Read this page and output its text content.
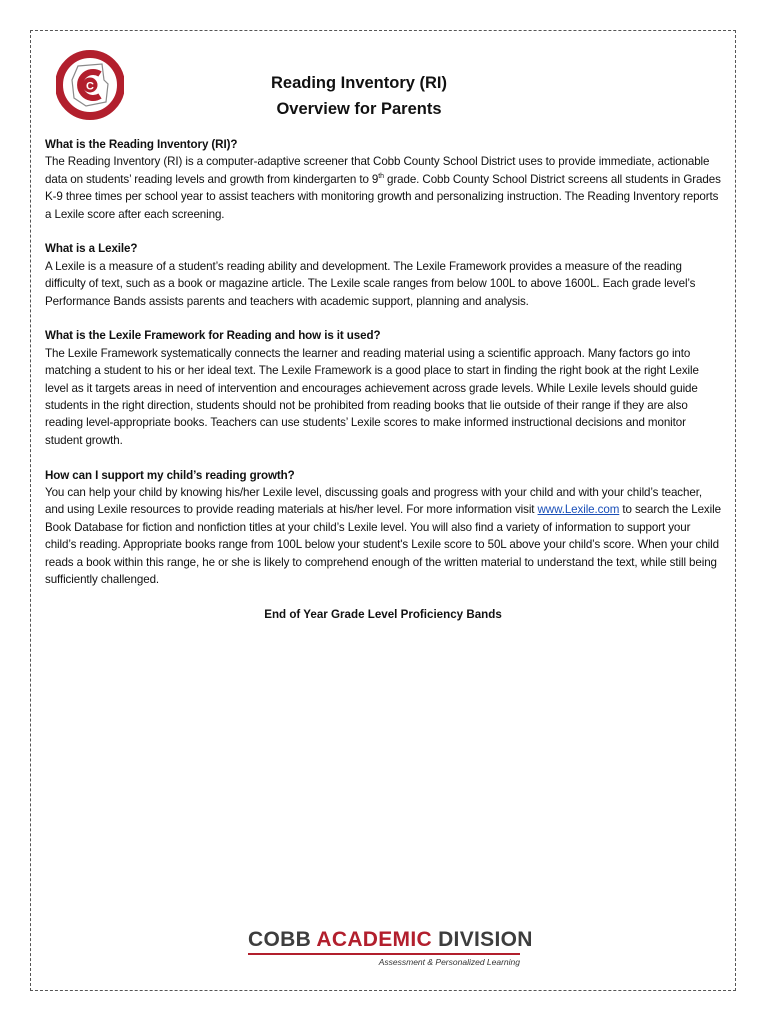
C	Reading Inventory (RI)
Overview for Parents
What is the Reading Inventory (RI)?

The Reading Inventory (RI) is a computer-adaptive screener that Cobb County School District uses to provide immediate, actionable data on students’ reading levels and growth from kindergarten to 9th grade. Cobb County School District screens all students in Grades K-9 three times per school year to assist teachers with monitoring growth and personalizing instruction. The Reading Inventory reports a Lexile score after each screening.

What is a Lexile?

A Lexile is a measure of a student’s reading ability and development. The Lexile Framework provides a measure of the reading difficulty of text, such as a book or magazine article. The Lexile scale ranges from below 100L to above 1600L. Each grade level’s Performance Bands assists parents and teachers with academic support, planning and analysis.

What is the Lexile Framework for Reading and how is it used?

The Lexile Framework systematically connects the learner and reading material using a scientific approach. Many factors go into matching a student to his or her ideal text. The Lexile Framework is a good place to start in finding the right book at the right Lexile level as it targets areas in need of intervention and encourages achievement across grade levels. While Lexile levels should guide students in the right direction, students should not be prohibited from reading books that lie outside of their range if they are also reading level-appropriate books. Teachers can use students’ Lexile scores to make informed instructional decisions and monitor student growth.

How can I support my child’s reading growth?

You can help your child by knowing his/her Lexile level, discussing goals and progress with your child and with your child’s teacher, and using Lexile resources to provide reading materials at his/her level. For more information visit www.Lexile.com to search the Lexile Book Database for fiction and nonfiction titles at your child’s Lexile level. You will also find a variety of information to support your child’s reading. Appropriate books range from 100L below your student's Lexile score to 50L above your child’s score. When your child reads a book within this range, he or she is likely to comprehend enough of the written material to understand the text, while still being sufficiently challenged.

End of Year Grade Level Proficiency Bands
COBB ACADEMIC DIVISION
Assessment & Personalized Learning
